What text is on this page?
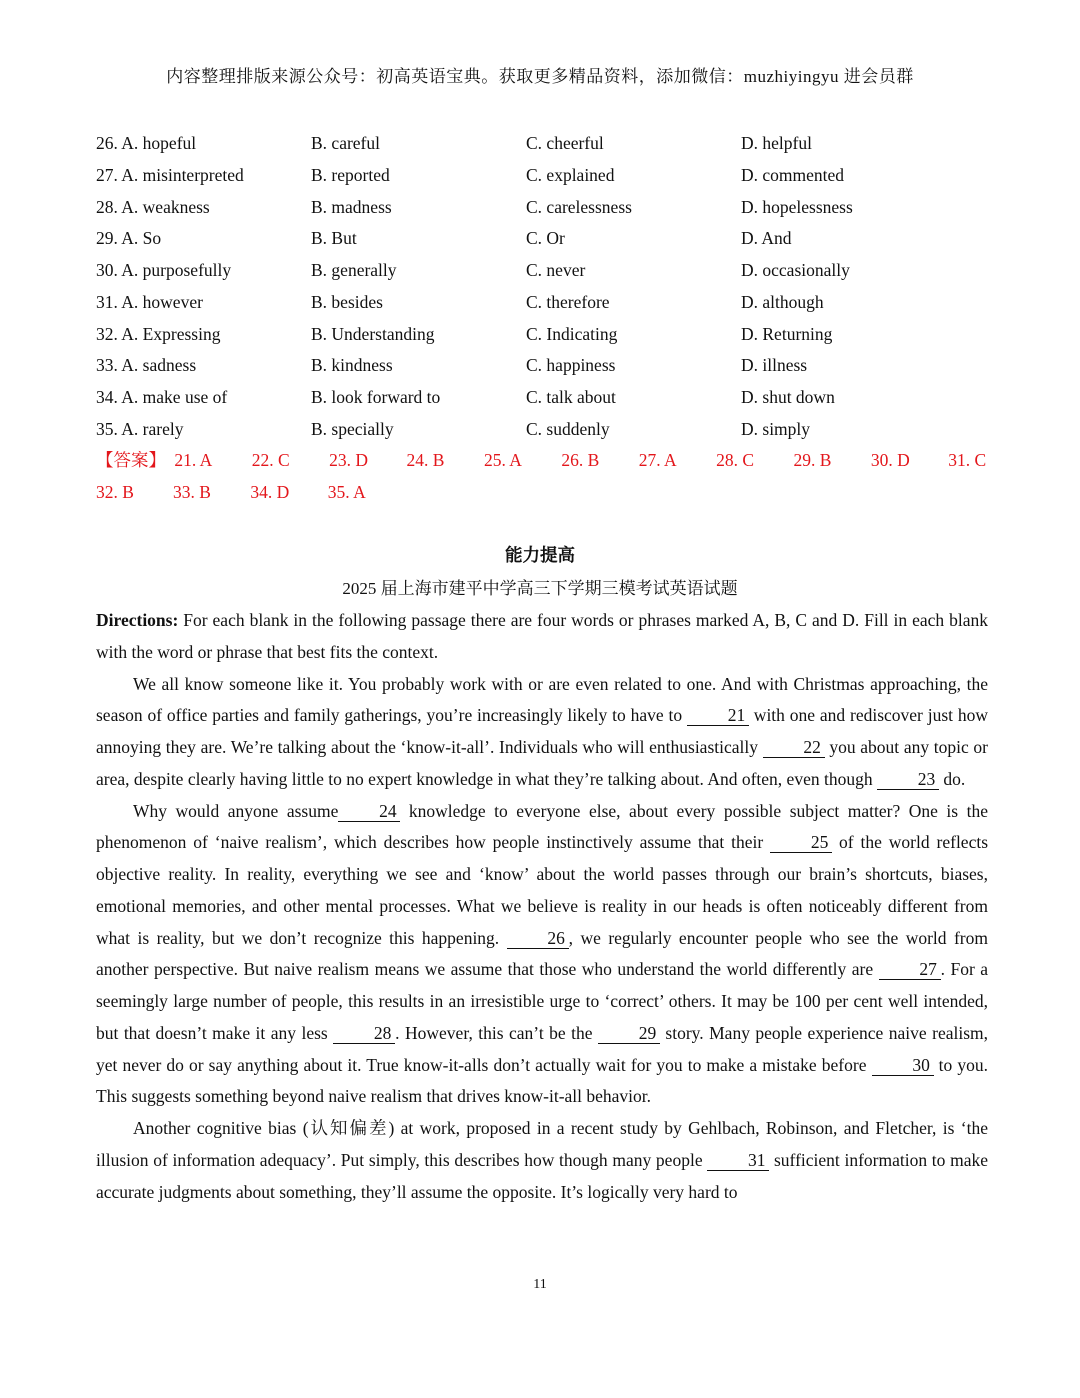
内容整理排版来源公众号：初高英语宝典。获取更多精品资料，添加微信：muzhiyingyu 进会员群
26. A. hopeful	B. careful	C. cheerful	D. helpful
27. A. misinterpreted	B. reported	C. explained	D. commented
28. A. weakness	B. madness	C. carelessness	D. hopelessness
29. A. So	B. But	C. Or	D. And
30. A. purposefully	B. generally	C. never	D. occasionally
31. A. however	B. besides	C. therefore	D. although
32. A. Expressing	B. Understanding	C. Indicating	D. Returning
33. A. sadness	B. kindness	C. happiness	D. illness
34. A. make use of	B. look forward to	C. talk about	D. shut down
35. A. rarely	B. specially	C. suddenly	D. simply
【答案】 21. A 22. C 23. D 24. B 25. A 26. B 27. A 28. C 29. B 30. D 31. C
32. B 33. B 34. D 35. A
能力提高
2025 届上海市建平中学高三下学期三模考试英语试题

Directions: For each blank in the following passage there are four words or phrases marked A, B, C and D. Fill in each blank with the word or phrase that best fits the context.

We all know someone like it. You probably work with or are even related to one. And with Christmas approaching, the season of office parties and family gatherings, you’re increasingly likely to have to 21 with one and rediscover just how annoying they are. We’re talking about the ‘know-it-all’. Individuals who will enthusiastically 22 you about any topic or area, despite clearly having little to no expert knowledge in what they’re talking about. And often, even though 23 do.

Why would anyone assume 24 knowledge to everyone else, about every possible subject matter? One is the phenomenon of ‘naive realism’, which describes how people instinctively assume that their 25 of the world reflects objective reality. In reality, everything we see and ‘know’ about the world passes through our brain’s shortcuts, biases, emotional memories, and other mental processes. What we believe is reality in our heads is often noticeably different from what is reality, but we don’t recognize this happening. 26 , we regularly encounter people who see the world from another perspective. But naive realism means we assume that those who understand the world differently are 27 . For a seemingly large number of people, this results in an irresistible urge to ‘correct’ others. It may be 100 per cent well intended, but that doesn’t make it any less 28 . However, this can’t be the 29 story. Many people experience naive realism, yet never do or say anything about it. True know-it-alls don’t actually wait for you to make a mistake before 30 to you. This suggests something beyond naive realism that drives know-it-all behavior.

Another cognitive bias (认知偏差) at work, proposed in a recent study by Gehlbach, Robinson, and Fletcher, is ‘the illusion of information adequacy’. Put simply, this describes how though many people 31 sufficient information to make accurate judgments about something, they’ll assume the opposite. It’s logically very hard to

11
